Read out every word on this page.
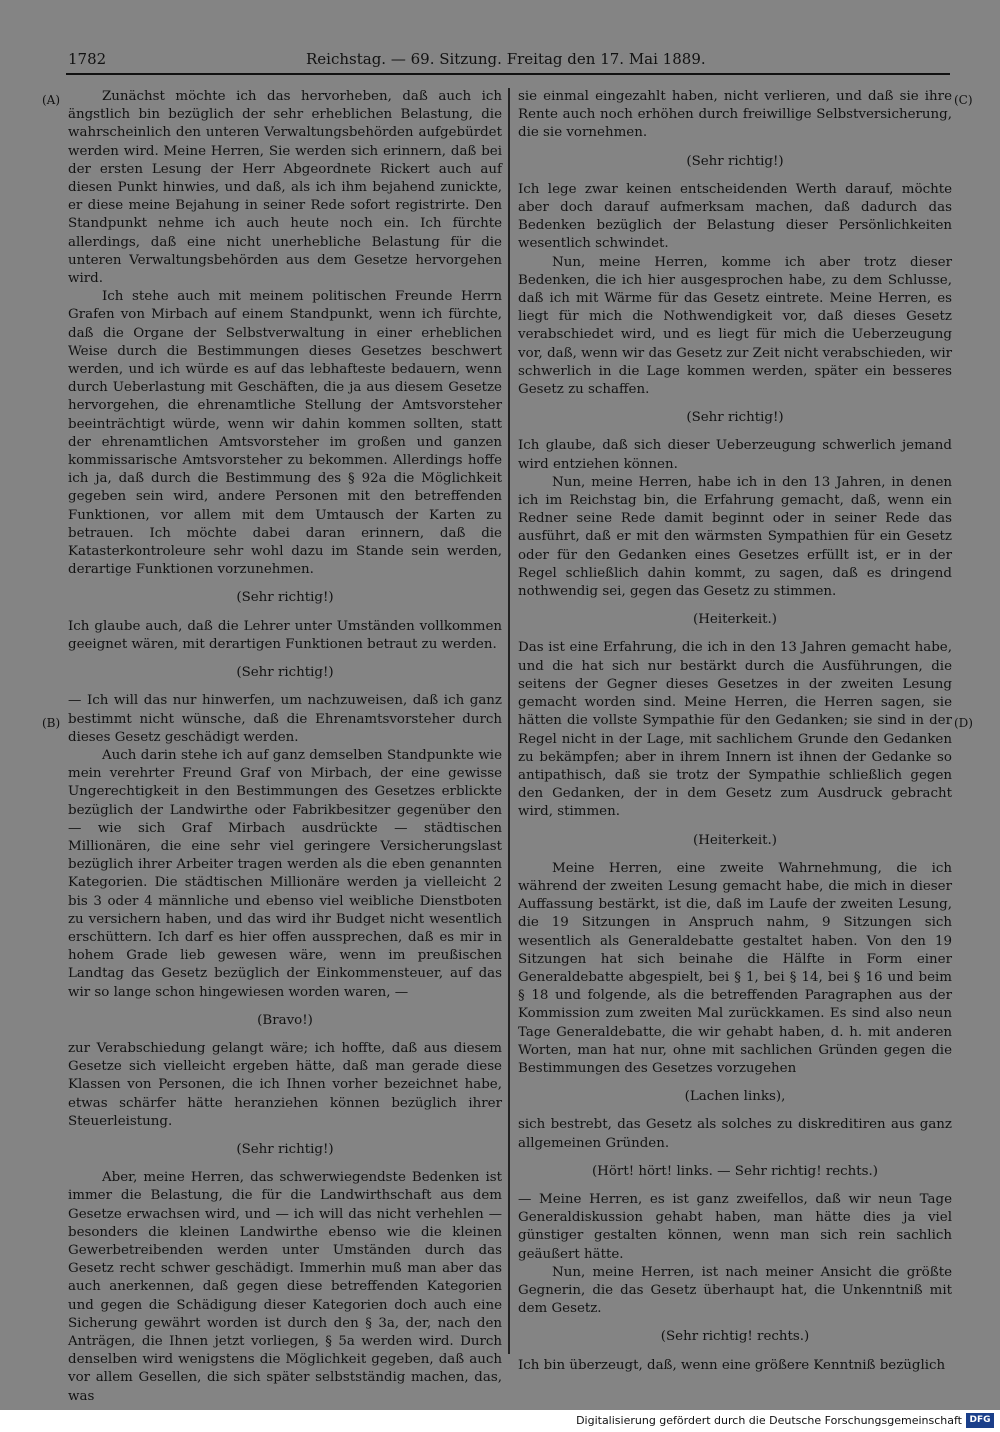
1782	Reichstag. — 69. Sitzung. Freitag den 17. Mai 1889.
(A)
(B)
(C)
(D)

Zunächst möchte ich das hervorheben, daß auch ich ängstlich bin bezüglich der sehr erheblichen Belastung, die wahrscheinlich den unteren Verwaltungsbehörden aufgebürdet werden wird. Meine Herren, Sie werden sich erinnern, daß bei der ersten Lesung der Herr Abgeordnete Rickert auch auf diesen Punkt hinwies, und daß, als ich ihm bejahend zunickte, er diese meine Bejahung in seiner Rede sofort registrirte. Den Standpunkt nehme ich auch heute noch ein. Ich fürchte allerdings, daß eine nicht unerhebliche Belastung für die unteren Verwaltungsbehörden aus dem Gesetze hervorgehen wird.

Ich stehe auch mit meinem politischen Freunde Herrn Grafen von Mirbach auf einem Standpunkt, wenn ich fürchte, daß die Organe der Selbstverwaltung in einer erheblichen Weise durch die Bestimmungen dieses Gesetzes beschwert werden, und ich würde es auf das lebhafteste bedauern, wenn durch Ueberlastung mit Geschäften, die ja aus diesem Gesetze hervorgehen, die ehrenamtliche Stellung der Amtsvorsteher beeinträchtigt würde, wenn wir dahin kommen sollten, statt der ehrenamtlichen Amtsvorsteher im großen und ganzen kommissarische Amtsvorsteher zu bekommen. Allerdings hoffe ich ja, daß durch die Bestimmung des § 92a die Möglichkeit gegeben sein wird, andere Personen mit den betreffenden Funktionen, vor allem mit dem Umtausch der Karten zu betrauen. Ich möchte dabei daran erinnern, daß die Katasterkontroleure sehr wohl dazu im Stande sein werden, derartige Funktionen vorzunehmen.

(Sehr richtig!)

Ich glaube auch, daß die Lehrer unter Umständen vollkommen geeignet wären, mit derartigen Funktionen betraut zu werden.

(Sehr richtig!)

— Ich will das nur hinwerfen, um nachzuweisen, daß ich ganz bestimmt nicht wünsche, daß die Ehrenamtsvorsteher durch dieses Gesetz geschädigt werden.

Auch darin stehe ich auf ganz demselben Standpunkte wie mein verehrter Freund Graf von Mirbach, der eine gewisse Ungerechtigkeit in den Bestimmungen des Gesetzes erblickte bezüglich der Landwirthe oder Fabrikbesitzer gegenüber den — wie sich Graf Mirbach ausdrückte — städtischen Millionären, die eine sehr viel geringere Versicherungslast bezüglich ihrer Arbeiter tragen werden als die eben genannten Kategorien. Die städtischen Millionäre werden ja vielleicht 2 bis 3 oder 4 männliche und ebenso viel weibliche Dienstboten zu versichern haben, und das wird ihr Budget nicht wesentlich erschüttern. Ich darf es hier offen aussprechen, daß es mir in hohem Grade lieb gewesen wäre, wenn im preußischen Landtag das Gesetz bezüglich der Einkommensteuer, auf das wir so lange schon hingewiesen worden waren, —

(Bravo!)

zur Verabschiedung gelangt wäre; ich hoffte, daß aus diesem Gesetze sich vielleicht ergeben hätte, daß man gerade diese Klassen von Personen, die ich Ihnen vorher bezeichnet habe, etwas schärfer hätte heranziehen können bezüglich ihrer Steuerleistung.

(Sehr richtig!)

Aber, meine Herren, das schwerwiegendste Bedenken ist immer die Belastung, die für die Landwirthschaft aus dem Gesetze erwachsen wird, und — ich will das nicht verhehlen — besonders die kleinen Landwirthe ebenso wie die kleinen Gewerbetreibenden werden unter Umständen durch das Gesetz recht schwer geschädigt. Immerhin muß man aber das auch anerkennen, daß gegen diese betreffenden Kategorien und gegen die Schädigung dieser Kategorien doch auch eine Sicherung gewährt worden ist durch den § 3a, der, nach den Anträgen, die Ihnen jetzt vorliegen, § 5a werden wird. Durch denselben wird wenigstens die Möglichkeit gegeben, daß auch vor allem Gesellen, die sich später selbstständig machen, das, was

sie einmal eingezahlt haben, nicht verlieren, und daß sie ihre Rente auch noch erhöhen durch freiwillige Selbstversicherung, die sie vornehmen.

(Sehr richtig!)

Ich lege zwar keinen entscheidenden Werth darauf, möchte aber doch darauf aufmerksam machen, daß dadurch das Bedenken bezüglich der Belastung dieser Persönlichkeiten wesentlich schwindet.

Nun, meine Herren, komme ich aber trotz dieser Bedenken, die ich hier ausgesprochen habe, zu dem Schlusse, daß ich mit Wärme für das Gesetz eintrete. Meine Herren, es liegt für mich die Nothwendigkeit vor, daß dieses Gesetz verabschiedet wird, und es liegt für mich die Ueberzeugung vor, daß, wenn wir das Gesetz zur Zeit nicht verabschieden, wir schwerlich in die Lage kommen werden, später ein besseres Gesetz zu schaffen.

(Sehr richtig!)

Ich glaube, daß sich dieser Ueberzeugung schwerlich jemand wird entziehen können.

Nun, meine Herren, habe ich in den 13 Jahren, in denen ich im Reichstag bin, die Erfahrung gemacht, daß, wenn ein Redner seine Rede damit beginnt oder in seiner Rede das ausführt, daß er mit den wärmsten Sympathien für ein Gesetz oder für den Gedanken eines Gesetzes erfüllt ist, er in der Regel schließlich dahin kommt, zu sagen, daß es dringend nothwendig sei, gegen das Gesetz zu stimmen.

(Heiterkeit.)

Das ist eine Erfahrung, die ich in den 13 Jahren gemacht habe, und die hat sich nur bestärkt durch die Ausführungen, die seitens der Gegner dieses Gesetzes in der zweiten Lesung gemacht worden sind. Meine Herren, die Herren sagen, sie hätten die vollste Sympathie für den Gedanken; sie sind in der Regel nicht in der Lage, mit sachlichem Grunde den Gedanken zu bekämpfen; aber in ihrem Innern ist ihnen der Gedanke so antipathisch, daß sie trotz der Sympathie schließlich gegen den Gedanken, der in dem Gesetz zum Ausdruck gebracht wird, stimmen.

(Heiterkeit.)

Meine Herren, eine zweite Wahrnehmung, die ich während der zweiten Lesung gemacht habe, die mich in dieser Auffassung bestärkt, ist die, daß im Laufe der zweiten Lesung, die 19 Sitzungen in Anspruch nahm, 9 Sitzungen sich wesentlich als Generaldebatte gestaltet haben. Von den 19 Sitzungen hat sich beinahe die Hälfte in Form einer Generaldebatte abgespielt, bei § 1, bei § 14, bei § 16 und beim § 18 und folgende, als die betreffenden Paragraphen aus der Kommission zum zweiten Mal zurückkamen. Es sind also neun Tage Generaldebatte, die wir gehabt haben, d. h. mit anderen Worten, man hat nur, ohne mit sachlichen Gründen gegen die Bestimmungen des Gesetzes vorzugehen

(Lachen links),

sich bestrebt, das Gesetz als solches zu diskreditiren aus ganz allgemeinen Gründen.

(Hört! hört! links. — Sehr richtig! rechts.)

— Meine Herren, es ist ganz zweifellos, daß wir neun Tage Generaldiskussion gehabt haben, man hätte dies ja viel günstiger gestalten können, wenn man sich rein sachlich geäußert hätte.

Nun, meine Herren, ist nach meiner Ansicht die größte Gegnerin, die das Gesetz überhaupt hat, die Unkenntniß mit dem Gesetz.

(Sehr richtig! rechts.)

Ich bin überzeugt, daß, wenn eine größere Kenntniß bezüglich

Digitalisierung gefördert durch die Deutsche Forschungsgemeinschaft DFG
